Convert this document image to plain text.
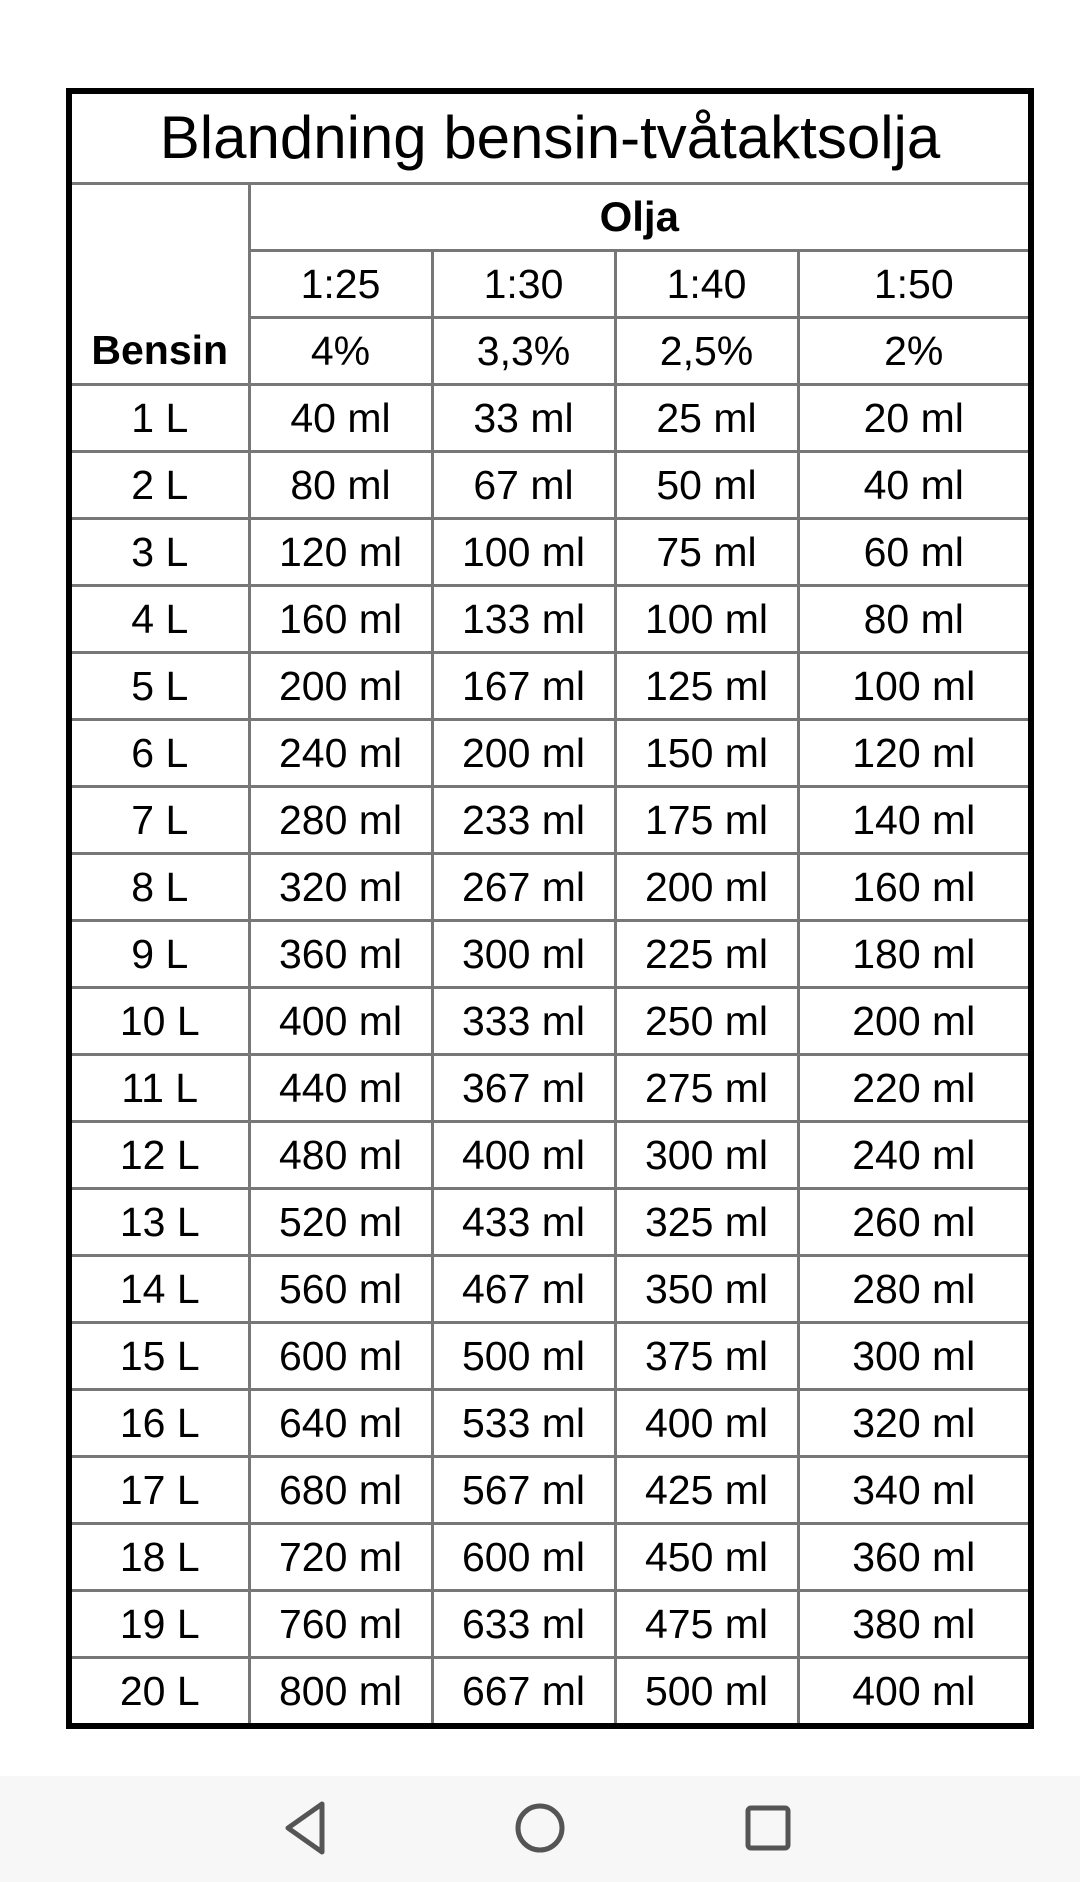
Blandning bensin-tvåtaktsolja				
Bensin	Olja			
	1:25	1:30	1:40	1:50
	4%	3,3%	2,5%	2%
1 L	40 ml	33 ml	25 ml	20 ml
2 L	80 ml	67 ml	50 ml	40 ml
3 L	120 ml	100 ml	75 ml	60 ml
4 L	160 ml	133 ml	100 ml	80 ml
5 L	200 ml	167 ml	125 ml	100 ml
6 L	240 ml	200 ml	150 ml	120 ml
7 L	280 ml	233 ml	175 ml	140 ml
8 L	320 ml	267 ml	200 ml	160 ml
9 L	360 ml	300 ml	225 ml	180 ml
10 L	400 ml	333 ml	250 ml	200 ml
11 L	440 ml	367 ml	275 ml	220 ml
12 L	480 ml	400 ml	300 ml	240 ml
13 L	520 ml	433 ml	325 ml	260 ml
14 L	560 ml	467 ml	350 ml	280 ml
15 L	600 ml	500 ml	375 ml	300 ml
16 L	640 ml	533 ml	400 ml	320 ml
17 L	680 ml	567 ml	425 ml	340 ml
18 L	720 ml	600 ml	450 ml	360 ml
19 L	760 ml	633 ml	475 ml	380 ml
20 L	800 ml	667 ml	500 ml	400 ml
